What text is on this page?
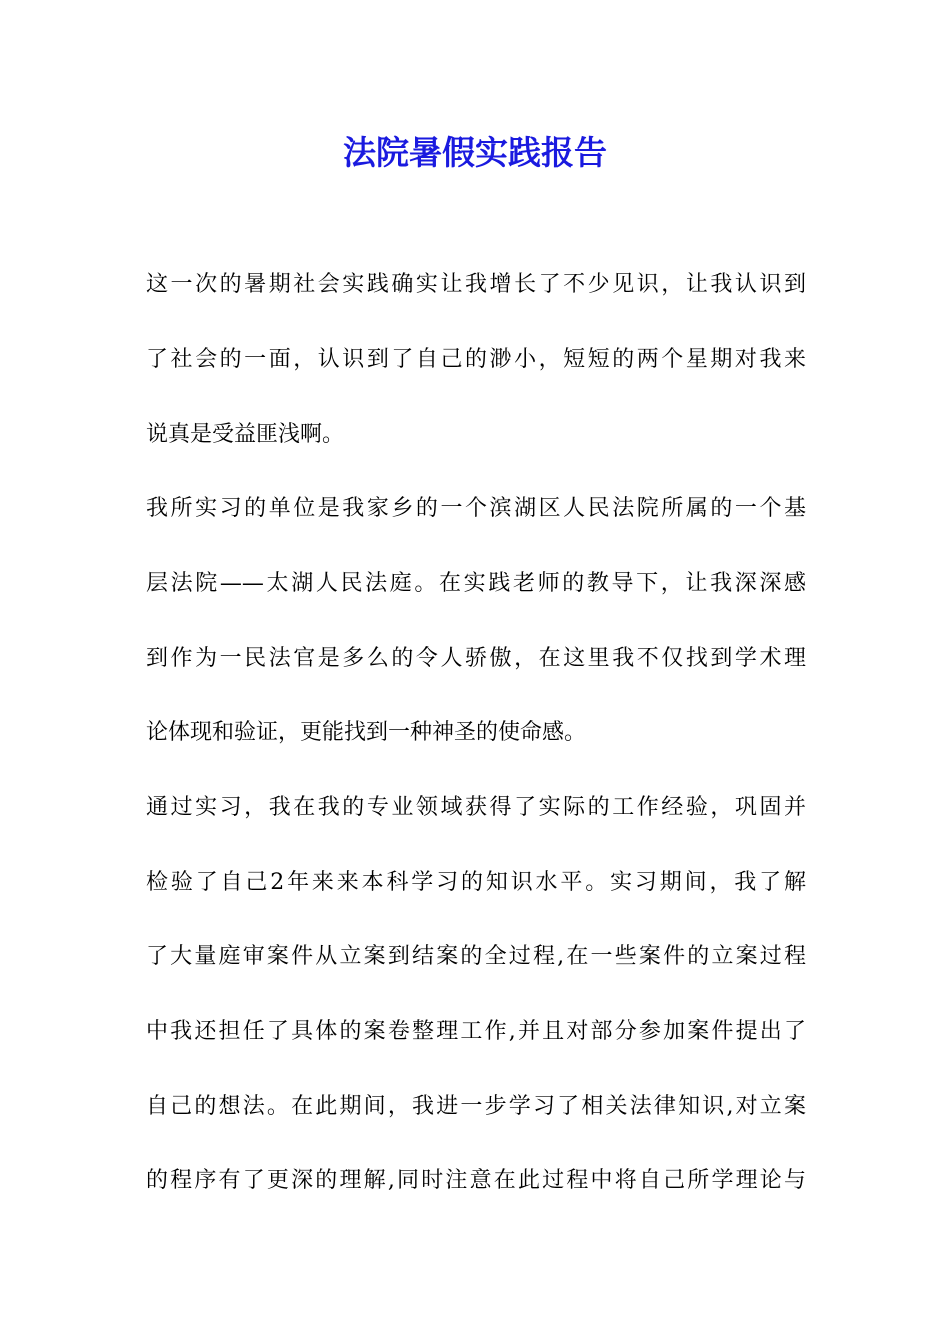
法院暑假实践报告

这一次的暑期社会实践确实让我增长了不少见识，让我认识到

了社会的一面，认识到了自己的渺小，短短的两个星期对我来

说真是受益匪浅啊。

我所实习的单位是我家乡的一个滨湖区人民法院所属的一个基

层法院——太湖人民法庭。在实践老师的教导下，让我深深感

到作为一民法官是多么的令人骄傲，在这里我不仅找到学术理

论体现和验证，更能找到一种神圣的使命感。

通过实习，我在我的专业领域获得了实际的工作经验，巩固并

检验了自己2年来来本科学习的知识水平。实习期间，我了解

了大量庭审案件从立案到结案的全过程,在一些案件的立案过程

中我还担任了具体的案卷整理工作,并且对部分参加案件提出了

自己的想法。在此期间，我进一步学习了相关法律知识,对立案

的程序有了更深的理解,同时注意在此过程中将自己所学理论与
